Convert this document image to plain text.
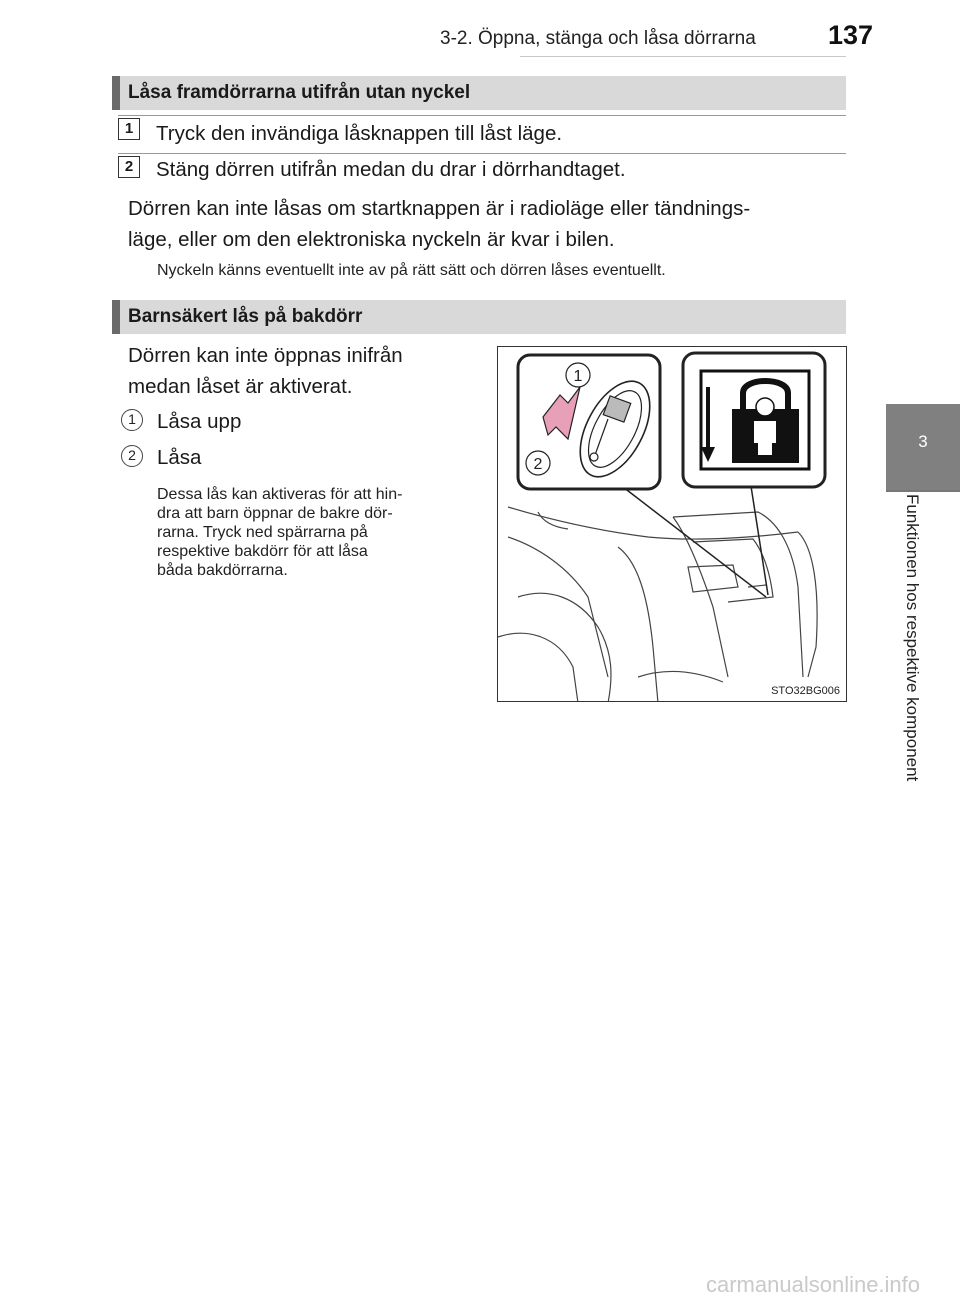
3-2. Öppna, stänga och låsa dörrarna	137
3
Funktionen hos respektive komponent
Låsa framdörrarna utifrån utan nyckel
1	Tryck den invändiga låsknappen till låst läge.
2	Stäng dörren utifrån medan du drar i dörrhandtaget.
Dörren kan inte låsas om startknappen är i radioläge eller tändnings-
läge, eller om den elektroniska nyckeln är kvar i bilen.
Nyckeln känns eventuellt inte av på rätt sätt och dörren låses eventuellt.
Barnsäkert lås på bakdörr
Dörren kan inte öppnas inifrån
medan låset är aktiverat.
1	Låsa upp
2	Låsa
Dessa lås kan aktiveras för att hin-
dra att barn öppnar de bakre dör-
rarna. Tryck ned spärrarna på
respektive bakdörr för att låsa
båda bakdörrarna.
1
2
STO32BG006
carmanualsonline.info
